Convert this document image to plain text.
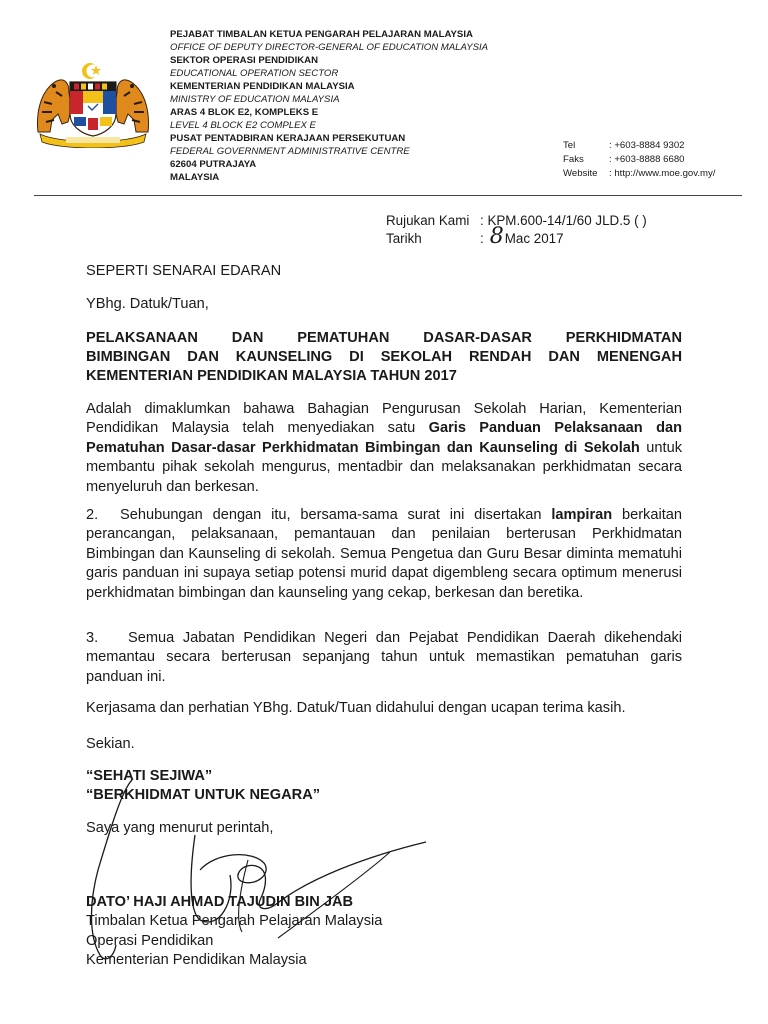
PEJABAT TIMBALAN KETUA PENGARAH PELAJARAN MALAYSIA
OFFICE OF DEPUTY DIRECTOR-GENERAL OF EDUCATION MALAYSIA
SEKTOR OPERASI PENDIDIKAN
EDUCATIONAL OPERATION SECTOR
KEMENTERIAN PENDIDIKAN MALAYSIA
MINISTRY OF EDUCATION MALAYSIA
ARAS 4 BLOK E2, KOMPLEKS E
LEVEL 4 BLOCK E2 COMPLEX E
PUSAT PENTADBIRAN KERAJAAN PERSEKUTUAN
FEDERAL GOVERNMENT ADMINISTRATIVE CENTRE
62604 PUTRAJAYA
MALAYSIA
Tel	: +603-8884 9302
Faks	: +603-8888 6680
Website	: http://www.moe.gov.my/
Rujukan Kami : KPM.600-14/1/60 JLD.5 ( )
Tarikh	: 8 Mac 2017
SEPERTI SENARAI EDARAN
YBhg. Datuk/Tuan,
PELAKSANAAN DAN PEMATUHAN DASAR-DASAR PERKHIDMATAN
BIMBINGAN DAN KAUNSELING DI SEKOLAH RENDAH DAN MENENGAH
KEMENTERIAN PENDIDIKAN MALAYSIA TAHUN 2017
Adalah dimaklumkan bahawa Bahagian Pengurusan Sekolah Harian, Kementerian Pendidikan Malaysia telah menyediakan satu Garis Panduan Pelaksanaan dan Pematuhan Dasar-dasar Perkhidmatan Bimbingan dan Kaunseling di Sekolah untuk membantu pihak sekolah mengurus, mentadbir dan melaksanakan perkhidmatan secara menyeluruh dan berkesan.
2. Sehubungan dengan itu, bersama-sama surat ini disertakan lampiran berkaitan perancangan, pelaksanaan, pemantauan dan penilaian berterusan Perkhidmatan Bimbingan dan Kaunseling di sekolah. Semua Pengetua dan Guru Besar diminta mematuhi garis panduan ini supaya setiap potensi murid dapat digembleng secara optimum menerusi perkhidmatan bimbingan dan kaunseling yang cekap, berkesan dan beretika.
3. Semua Jabatan Pendidikan Negeri dan Pejabat Pendidikan Daerah dikehendaki memantau secara berterusan sepanjang tahun untuk memastikan pematuhan garis panduan ini.
Kerjasama dan perhatian YBhg. Datuk/Tuan didahului dengan ucapan terima kasih.
Sekian.
“SEHATI SEJIWA”
“BERKHIDMAT UNTUK NEGARA”
Saya yang menurut perintah,
DATO’ HAJI AHMAD TAJUDIN BIN JAB
Timbalan Ketua Pengarah Pelajaran Malaysia
Operasi Pendidikan
Kementerian Pendidikan Malaysia
